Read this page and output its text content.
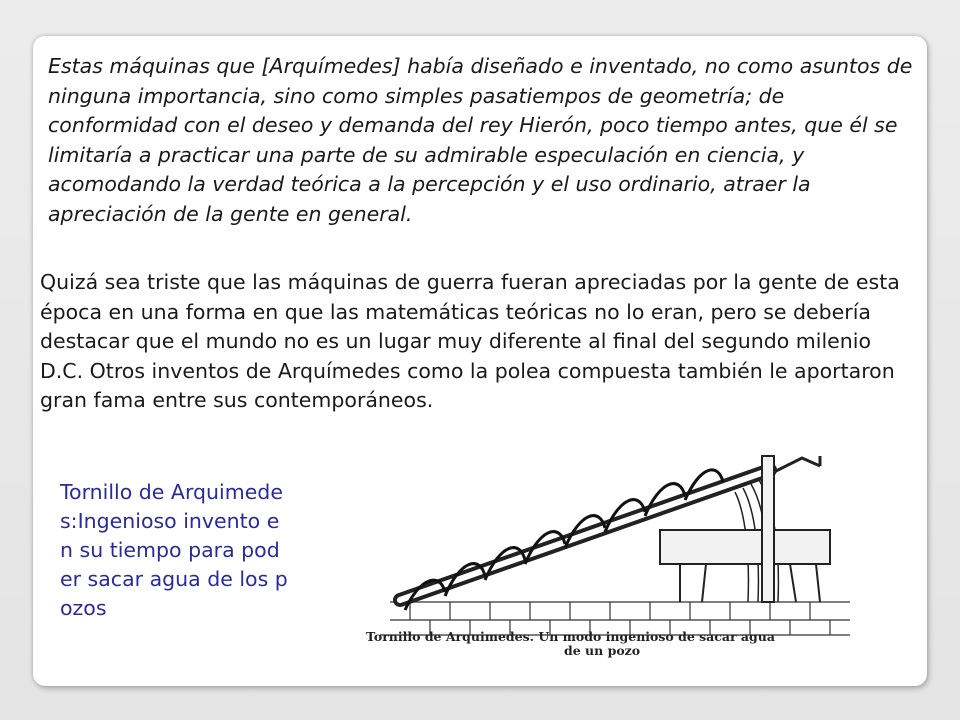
Estas máquinas que [Arquímedes] había diseñado e inventado, no como asuntos de ninguna importancia, sino como simples pasatiempos de geometría; de conformidad con el deseo y demanda del rey Hierón, poco tiempo antes, que él se limitaría a practicar una parte de su admirable especulación en ciencia, y acomodando la verdad teórica a la percepción y el uso ordinario, atraer la apreciación de la gente en general.

Quizá sea triste que las máquinas de guerra fueran apreciadas por la gente de esta época en una forma en que las matemáticas teóricas no lo eran, pero se debería destacar que el mundo no es un lugar muy diferente al final del segundo milenio D.C. Otros inventos de Arquímedes como la polea compuesta también le aportaron gran fama entre sus contemporáneos.

Tornillo de Arquimedes:Ingenioso invento en su tiempo para poder sacar agua de los pozos

Tornillo de Arquimedes. Un modo ingenioso de sacar agua
de un pozo
